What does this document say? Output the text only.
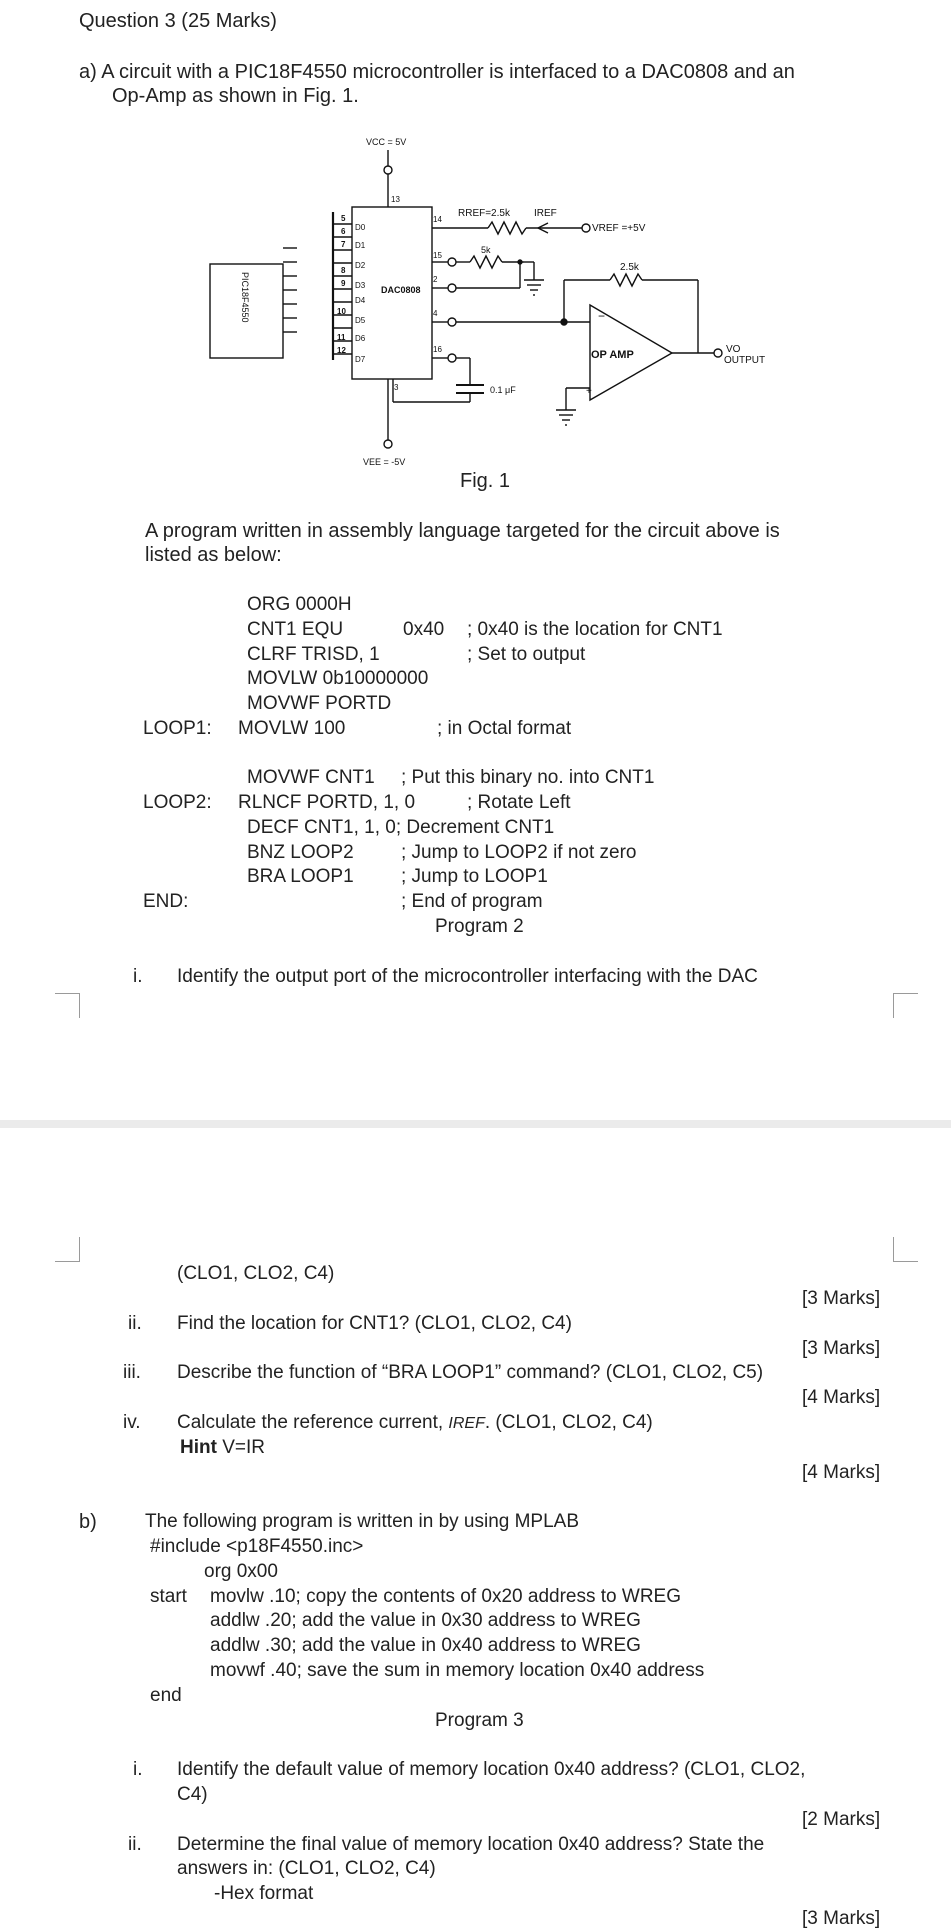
Question 3 (25 Marks)
a) A circuit with a PIC18F4550 microcontroller is interfaced to a DAC0808 and an
Op-Amp as shown in Fig. 1.
VCC = 5V
VEE = -5V
PIC18F4550	DAC0808
OP AMP
RREF=2.5k IREF
VREF =+5V
5k
2.5k
0.1 μF
VO
OUTPUT
−
+
13
14
15
2
4
16
3
5
6
7
8
9
10
11
12
D0
D1
D2
D3
D4
D5
D6
D7
Fig. 1
A program written in assembly language targeted for the circuit above is
listed as below:
ORG 0000H
CNT1 EQU	0x40 ; 0x40 is the location for CNT1
CLRF TRISD, 1	; Set to output
MOVLW 0b10000000
MOVWF PORTD
LOOP1: MOVLW 100	; in Octal format
MOVWF CNT1 ; Put this binary no. into CNT1
LOOP2: RLNCF PORTD, 1, 0	; Rotate Left
DECF CNT1, 1, 0; Decrement CNT1
BNZ LOOP2 ; Jump to LOOP2 if not zero
BRA LOOP1 ; Jump to LOOP1
END:	; End of program
Program 2
i. Identify the output port of the microcontroller interfacing with the DAC
(CLO1, CLO2, C4)
[3 Marks]
ii. Find the location for CNT1? (CLO1, CLO2, C4)
[3 Marks]
iii. Describe the function of “BRA LOOP1” command? (CLO1, CLO2, C5)
[4 Marks]
iv. Calculate the reference current, IREF. (CLO1, CLO2, C4)
Hint V=IR
[4 Marks]
b)	The following program is written in by using MPLAB
#include <p18F4550.inc>
org 0x00
start movlw .10; copy the contents of 0x20 address to WREG
addlw .20; add the value in 0x30 address to WREG
addlw .30; add the value in 0x40 address to WREG
movwf .40; save the sum in memory location 0x40 address
end
Program 3
i. Identify the default value of memory location 0x40 address? (CLO1, CLO2,
C4)
[2 Marks]
ii. Determine the final value of memory location 0x40 address? State the
answers in: (CLO1, CLO2, C4)
-Hex format
[3 Marks]
